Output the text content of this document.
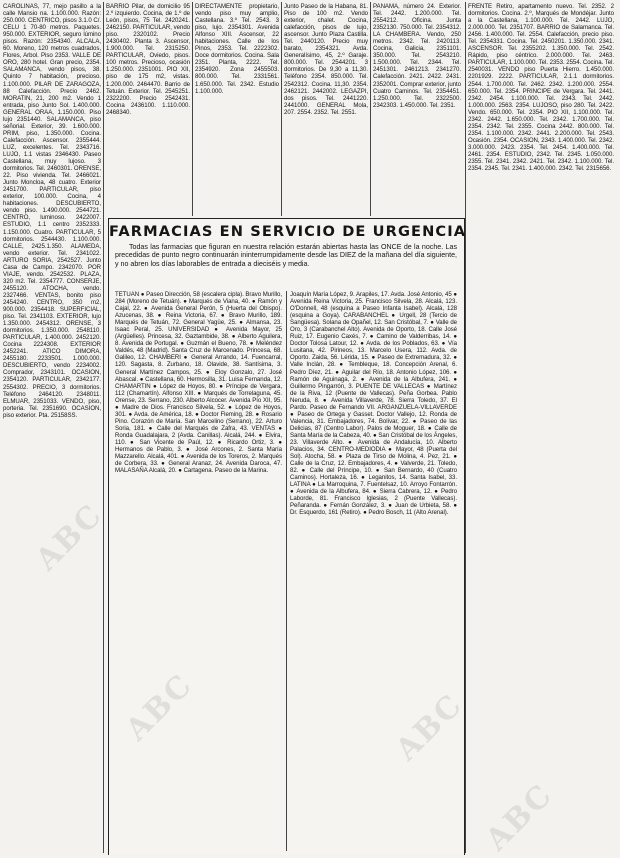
CAROLINAS, 77, mejo pasillo a la calle Mansio na. 1.100.000. Razón: 250.000. CENTRICO, pisos 3.1.0 C/. CELU 1 70-80 metros. Paquetes. 950.000. EXTERIOR, seguro lúmino pisos. Razón: 2354340. ALCALA, 60. Moreno, 120 metros cuadrados, Flores, Arbol. Piso 2353. VALLE DE ORO, 280 hotel. Gran precio, 2354. SALAMANCA, vendo pisos, 38. Quinto 7 habitación, precioso. 1.100.000. PILAR DE ZARAGOZA, 88 Calefacción. Precio 2462. MORATIN, 21, 200 m2. Vendo 1 entrada, piso Junto Sol. 1.400.000. GENERAL ORAA, 1.150.000. Piso lujo 2351440. SALAMANCA, piso señorial. Exterior, 39. 1.600.000. PRIM, piso, 1.350.000. Cocina. Calefacción. Ascensor. 2355444. LUZ, excelentes. Tel. 2343716. LUJO, 1.1 vistas 2346430. Paseo Castellana, muy lujoso. 3 dormitorios. Tel. 2460301. ORENSE, 22. Piso vivienda. Tel. 2466021. Junto Moncloa, 48 cuatro. Exterior 2451700. PARTICULAR, piso exterior, 100.000. Cocina, 4 habitaciones. DESCUBIERTO, vendo piso. 1.490.000. 2544721. CENTRO, luminoso. 2422007. ESTUDIO, 1.1 centro 2352333. 1.150.000. Cuatro. PARTICULAR, 5 dormitorios. 2544430. 1.100.000. CALLE, 2425.1.350. ALAMEDA, vendo exterior. Tel. 2341022. ARTURO SORIA, 2542527. Junto Casa de Campo. 2342070. POR VIAJE, vendo. 2542532. PLAZA, 320 m2. Tel. 2354777. CONSERJE, 2455120. ATOCHA, vendo. 2327466. VENTAS, bonito piso 2454240. CENTRO, 350 m2, 900.000. 2354418. SUPERFICIAL, piso. Tel. 2341103. EXTERIOR, lujo 1.350.000. 2454312. ORENSE, 3 dormitorios. 1.350.000. 2548110. PARTICULAR, 1.400.000. 2452120. Cocina 2224308. EXTERIOR 2452241. ATICO DIMORA, 2455180. 2233501. 1.000.000. DESCUBIERTO, vendo 2234002. Comprador, 2343101. OCASION, 2354120. PARTICULAR, 2342177. 2554302. PRECIO, 3 dormitorios. Teléfono 2464120. 2348011. ELMUAR, 2351033. VENDO, piso, porteria. Tel. 2351690. OCASION, piso exterior. Pta. 25158SS.
BARRIO Pilar, de domicilio 95 2.º izquierdo. Cocina, de 1.º de León, pisos, 75 Tel. 2420241. 2462150. PARTICULAR, vendo piso. 2320102. Precio 2430402. Planta 3. Ascensor, 1.900.000. Tel. 2315250. PARTICULAR, Oviedo, pisos. 100 metros. Precioso, ocasión 1.250.000. 2351001. PIO XII, piso de 175 m2, vistas. 1.200.000. 2464470. Barrio de Tetuán. Exterior. Tel. 2545251. 2322200. Precio 2542431. Cocina 2436100. 1.110.000. 2468340.
DIRECTAMENTE propietario, vendo piso muy amplio, Castellana. 3.º Tel. 2543. 3 piso, lujo. 2354301. Avenida Alfonso XIII. Ascensor, 22 habitaciones. Calle de los Pinos, 2353. Tel. 2222302. Doce dormitorios. Cocina. Sala 2351. Planta, 2222. Tel. 2354920. Zona 2455503. 800.000. Tel. 2331561. 1.650.000. Tel. 2342. Estudio 1.100.000.
Junto Paseo de la Habana, 81. Piso de 100 m2. Vendo exterior, chalet. Cocina, calefacción, pisos de lujo, ascensor. Junto Plaza Castilla. Tel. 2440120. Precio muy barato, 2354321. Avda. Generalísimo, 45, 2.º Garaje. 800.000. Tel. 2544201. 3 dormitorios. De 9,30 a 11,30. Teléfono 2354. 850.000. Tel. 2542312. Cocina. 11,30. 2354. 2462121. 2442002. LEGAZPI, dos pisos. Tel. 2441220. 2441000. GENERAL Mola, 207. 2554. 2352. Tel. 2551.
PANAMA, número 24. Exterior. Tel. 2442. 1.200.000. Tel. 2554212. Oficina. Junta 2352130. 750.000. Tel. 2354312. LA CHAMBERA. Vendo, 250 metros. 2342. Tel. 2420113. Cocina, Galicia, 2351101. 350.000. Tel. 2543210. 1.500.000. Tel. 2344. Tel. 2451301. 2461213. 2341270. Calefacción. 2421. 2422. 2431. 2352001. Comprar exterior, junto Cuatro Caminos. Tel. 2354451. 1.250.000. Tel. 2322500. 2342303. 1.450.000. Tel. 2351.
FRENTE Retiro, apartamento nuevo. Tel. 2352. 2 dormitorios. Cocina. 2.º, Marqués de Mondéjar. Junto a la Castellana, 1.100.000. Tel. 2442. LUJO, 2.000.000. Tel. 2351707. BARRIO de Salamanca. Tel. 2456. 1.400.000. Tel. 2554. Calefacción, precio piso. Tel. 2354331. Cocina. Tel. 2450201. 1.350.000. 2341. ASCENSOR. Tel. 2355202. 1.350.000. Tel. 2542. Rápido, piso céntrico. 2.000.000. Tel. 2463. PARTICULAR, 1.100.000. Tel. 2353. 2554. Cocina. Tel. 2540031. VENDO piso Puerta Hierro. 1.450.000. 2201929. 2222. PARTICULAR, 2.1.1 dormitorios. 2544. 1.700.000. Tel. 2462. 2342. 1.200.000. 2554. 650.000. Tel. 2354. PRINCIPE de Vergara. Tel. 2441. 2342. 2454. 1.100.000. Tel. 2343. Tel. 2442. 1.000.000. 2563. 2354. LUJOSO, piso 280. Tel. 2422. Vendo. 650.000. Tel. 2354. PIO XII, 1.100.000. Tel. 2342. 2442. 1.650.000. Tel. 2342. 1.700.000. Tel. 2354. 2342. Tel. 2355. Cocina 2442. 800.000. Tel. 2354. 1.100.000. 2342. 2441. 2.200.000. Tel. 2543. Ocasión. 2354. OCASION, 2343. 1.400.000. Tel. 2342. 3.000.000. 2423. 2354. Tel. 2454. 1.400.000. Tel. 2461. 2354. ESTUDIO, 2342. Tel. 2345. 1.050.000. 2355. Tel. 2341. 2342. 2421. Tel. 2342. 1.100.000. Tel. 2354. 2345. Tel. 2341. 1.400.000. 2342. Tel. 2315656.
FARMACIAS EN SERVICIO DE URGENCIA

Todas las farmacias que figuran en nuestra relación estarán abiertas hasta las ONCE de la noche. Las precedidas de punto negro continuarán ininterrumpidamente desde las DIEZ de la mañana del día siguiente, y no abren los días laborables de entrada a dieciséis y media.

TETUAN ● Paseo Dirección, 58 (escalera cipla). Bravo Murillo, 284 (Moreno de Tetuán). ● Marqués de Viana, 40. ● Ramón y Cajal, 22. ● Avenida General Perón, 5 (Huerta del Obispo). Azucenas, 38. ● Reina Victoria, 67. ● Bravo Murillo, 189. Marqués de Tetuán, 72. General Yagüe, 25. ● Almansa, 23. Isaac Peral, 25. UNIVERSIDAD ● Avenida Mayor, 25 (Argüelles). Princesa, 32. Gaztambide, 38. ● Alberto Aguilera, 8. Avenida de Portugal. ● Guzmán el Bueno, 78. ● Meléndez Valdés, 48 (Madrid). Santa Cruz de Marcenado. Princesa, 68. Galileo, 12. CHAMBERI ● General Arrando, 14. Fuencarral, 120. Sagasta, 8. Zurbano, 18. Olavide, 38. Santísima, 3. General Martínez Campos, 25. ● Eloy Gonzalo, 27. José Abascal. ● Castellana, 60. Hermosilla, 31. Luisa Fernanda, 12. CHAMARTIN ● López de Hoyos, 80. ● Príncipe de Vergara, 112 (Chamartín). Alfonso XIII. ● Marqués de Torrelaguna, 45. Orense, 23. Serrano, 230. Alberto Alcocer. Avenida Pío XII, 95. ● Madre de Dios. Francisco Silvela, 52. ● López de Hoyos, 301. ● Avda. de América, 18. ● Doctor Fleming, 28. ● Rosario Pino. Corazón de María. San Marcelino (Serrano), 22. Arturo Soria, 181. ● Calle del Marqués de Zafra, 43. VENTAS ● Ronda Guadalajara, 2 (Avda. Canillas). Alcalá, 244. ● Elvira, 110. ● San Vicente de Paúl, 12. ● Ricardo Ortiz, 3. ● Hermanos de Pablo, 3. ● José Arcones, 2. Santa María Mazzarello. Alcalá, 401. ● Avenida de los Toreros, 2. Marqués de Corbera, 33. ● General Aranaz, 24. Avenida Daroca, 47. MALASAÑA Alcalá, 20. ● Cartagena. Paseo de la Marina.
Joaquín María López, 9. Arapiles, 17. Avda. José Antonio, 45 ● Avenida Reina Victoria, 25. Francisco Silvela, 28. Alcalá, 123. O'Donnell, 48 (esquina a Paseo Infanta Isabel). Alcalá, 128 (esquina a Goya). CARABANCHEL ● Urgell, 28 (Tercio de Sangüesa). Solana de Opañel, 12. San Cristóbal, 7. ● Valle de Oro, 3 (Carabanchel Alto). Avenida de Oporto, 18. Calle José Ruiz, 17. Eugenio Caxés, 7. ● Camino de Valderribas, 14. ● Doctor Tolosa Latour, 12. ● Avda. de los Poblados, 63. ● Vía Lusitana, 42. Pirineos, 13. Marcelo Usera, 112. Avda. de Oporto. Zaida, 56. Lérida, 15. ● Paseo de Extremadura, 32. ● Valle Inclán, 28. ● Tembleque, 18. Concepción Arenal, 6. Pedro Díez, 21. ● Aguilar del Río, 18. Antonio López, 106. ● Ramón de Aguinaga, 2. ● Avenida de la Albufera, 241. ● Guillermo Pingarrón, 3. PUENTE DE VALLECAS ● Martínez de la Riva, 12 (Puente de Vallecas). Peña Gorbea. Pablo Neruda, 8. ● Avenida Villaverde, 78. Sierra Toledo, 37. El Pardo. Paseo de Fernando VII. ARGANZUELA-VILLAVERDE ● Paseo de Ortega y Gasset. Doctor Vallejo, 12. Ronda de Valencia, 31. Embajadores, 74. Bolívar, 22. ● Paseo de las Delicias, 87 (Centro Labor). Palos de Moguer, 18. ● Calle de Santa María de la Cabeza, 40. ● San Cristóbal de los Ángeles, 23. Villaverde Alto. ● Avenida de Andalucía, 10. Alberto Palacios, 34. CENTRO-MEDIODIA ● Mayor, 48 (Puerta del Sol). Atocha, 58. ● Plaza de Tirso de Molina, 4. Pez, 21. ● Calle de la Cruz, 12. Embajadores, 4. ● Valverde, 21. Toledo, 82. ● Calle del Príncipe, 10. ● San Bernardo, 40 (Cuatro Caminos). Hortaleza, 16. ● Leganitos, 14. Santa Isabel, 33. LATINA ● La Marroquina, 7. Fuentelsaz, 10. Arroyo Fontarrón. ● Avenida de la Albufera, 84. ● Sierra Cabrera, 12. ● Pedro Laborde, 81. Francisco Iglesias, 2 (Puente Vallecas). Peñaranda. ● Fernán González, 3. ● Juan de Urbieta, 58. ● Dr. Esquerdo, 161 (Retiro). ● Pedro Bosch, 11 (Alto Arenal).
ABC
ABC
